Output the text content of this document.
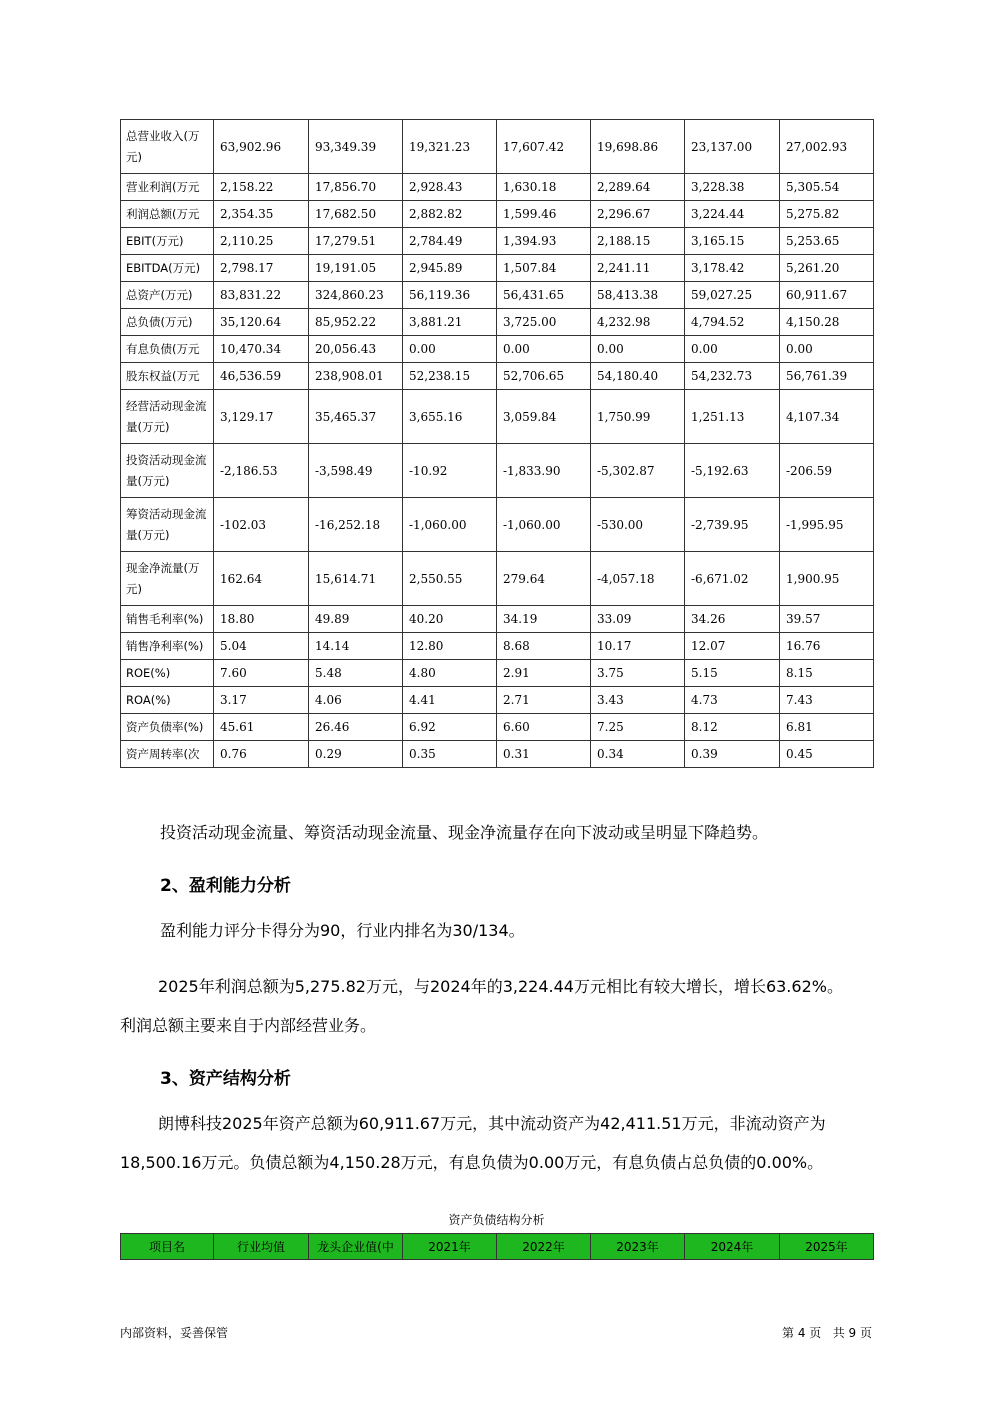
总营业收入(万元)	63,902.96	93,349.39	19,321.23	17,607.42	19,698.86	23,137.00	27,002.93
营业利润(万元	2,158.22	17,856.70	2,928.43	1,630.18	2,289.64	3,228.38	5,305.54
利润总额(万元	2,354.35	17,682.50	2,882.82	1,599.46	2,296.67	3,224.44	5,275.82
EBIT(万元)	2,110.25	17,279.51	2,784.49	1,394.93	2,188.15	3,165.15	5,253.65
EBITDA(万元)	2,798.17	19,191.05	2,945.89	1,507.84	2,241.11	3,178.42	5,261.20
总资产(万元)	83,831.22	324,860.23	56,119.36	56,431.65	58,413.38	59,027.25	60,911.67
总负债(万元)	35,120.64	85,952.22	3,881.21	3,725.00	4,232.98	4,794.52	4,150.28
有息负债(万元	10,470.34	20,056.43	0.00	0.00	0.00	0.00	0.00
股东权益(万元	46,536.59	238,908.01	52,238.15	52,706.65	54,180.40	54,232.73	56,761.39
经营活动现金流量(万元)	3,129.17	35,465.37	3,655.16	3,059.84	1,750.99	1,251.13	4,107.34
投资活动现金流量(万元)	-2,186.53	-3,598.49	-10.92	-1,833.90	-5,302.87	-5,192.63	-206.59
筹资活动现金流量(万元)	-102.03	-16,252.18	-1,060.00	-1,060.00	-530.00	-2,739.95	-1,995.95
现金净流量(万元)	162.64	15,614.71	2,550.55	279.64	-4,057.18	-6,671.02	1,900.95
销售毛利率(%)	18.80	49.89	40.20	34.19	33.09	34.26	39.57
销售净利率(%)	5.04	14.14	12.80	8.68	10.17	12.07	16.76
ROE(%)	7.60	5.48	4.80	2.91	3.75	5.15	8.15
ROA(%)	3.17	4.06	4.41	2.71	3.43	4.73	7.43
资产负债率(%)	45.61	26.46	6.92	6.60	7.25	8.12	6.81
资产周转率(次	0.76	0.29	0.35	0.31	0.34	0.39	0.45
投资活动现金流量、筹资活动现金流量、现金净流量存在向下波动或呈明显下降趋势。
2、盈利能力分析
盈利能力评分卡得分为90，行业内排名为30/134。
2025年利润总额为5,275.82万元，与2024年的3,224.44万元相比有较大增长，增长63.62%。
利润总额主要来自于内部经营业务。
3、资产结构分析
朗博科技2025年资产总额为60,911.67万元，其中流动资产为42,411.51万元，非流动资产为
18,500.16万元。负债总额为4,150.28万元，有息负债为0.00万元，有息负债占总负债的0.00%。
资产负债结构分析
项目名	行业均值	龙头企业值(中	2021年	2022年	2023年	2024年	2025年
内部资料，妥善保管	第 4 页   共 9 页
